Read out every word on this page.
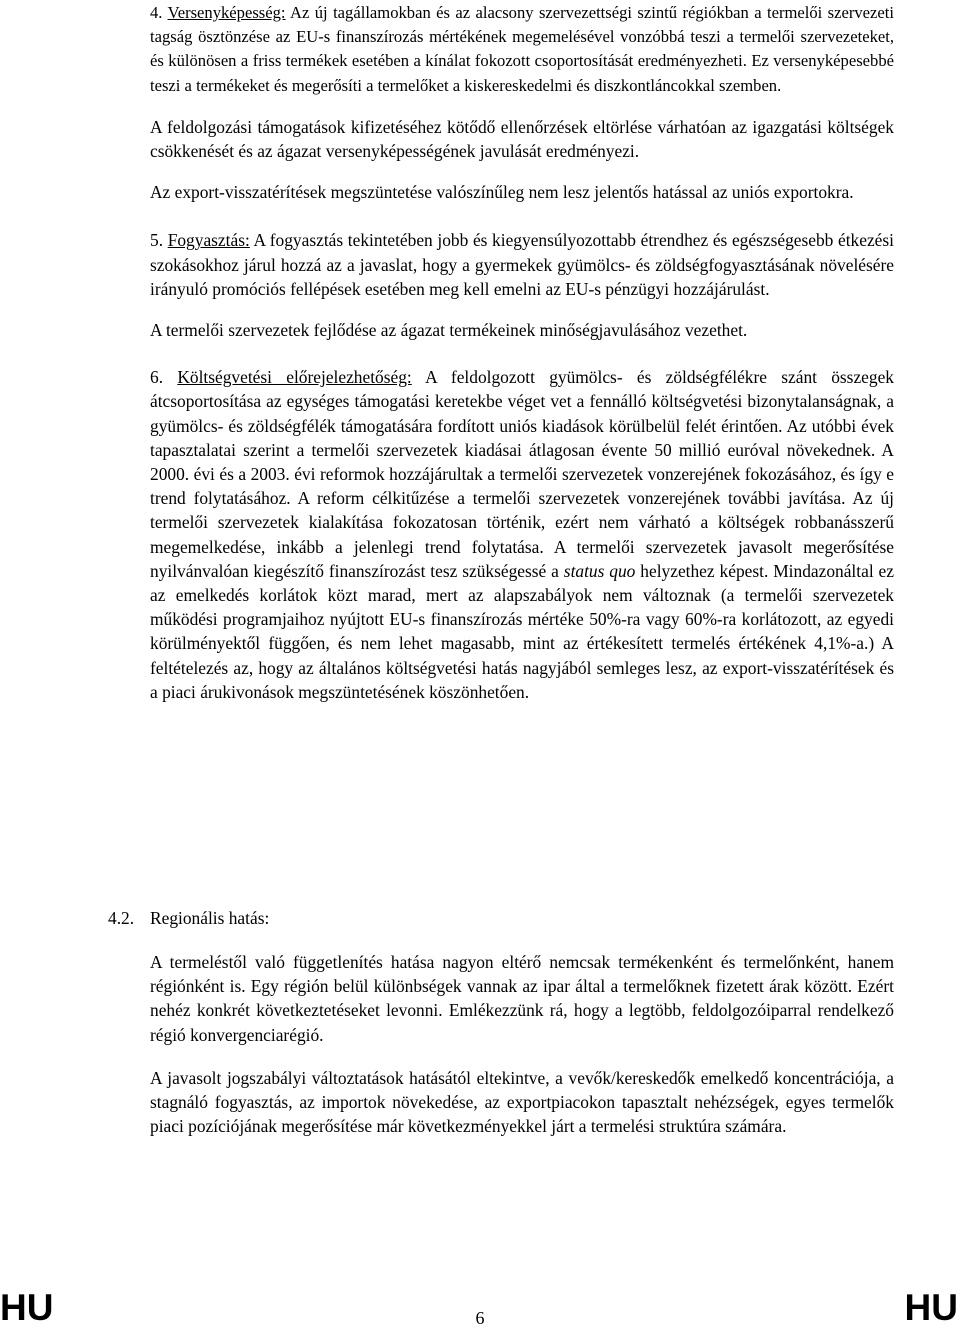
4. Versenyképesség: Az új tagállamokban és az alacsony szervezettségi szintű régiókban a termelői szervezeti tagság ösztönzése az EU-s finanszírozás mértékének megemelésével vonzóbbá teszi a termelői szervezeteket, és különösen a friss termékek esetében a kínálat fokozott csoportosítását eredményezheti. Ez versenyképesebbé teszi a termékeket és megerősíti a termelőket a kiskereskedelmi és diszkontláncokkal szemben.

A feldolgozási támogatások kifizetéséhez kötődő ellenőrzések eltörlése várhatóan az igazgatási költségek csökkenését és az ágazat versenyképességének javulását eredményezi.

Az export-visszatérítések megszüntetése valószínűleg nem lesz jelentős hatással az uniós exportokra.

5. Fogyasztás: A fogyasztás tekintetében jobb és kiegyensúlyozottabb étrendhez és egészségesebb étkezési szokásokhoz járul hozzá az a javaslat, hogy a gyermekek gyümölcs- és zöldségfogyasztásának növelésére irányuló promóciós fellépések esetében meg kell emelni az EU-s pénzügyi hozzájárulást.

A termelői szervezetek fejlődése az ágazat termékeinek minőségjavulásához vezethet.

6. Költségvetési előrejelezhetőség: A feldolgozott gyümölcs- és zöldségfélékre szánt összegek átcsoportosítása az egységes támogatási keretekbe véget vet a fennálló költségvetési bizonytalanságnak, a gyümölcs- és zöldségfélék támogatására fordított uniós kiadások körülbelül felét érintően. Az utóbbi évek tapasztalatai szerint a termelői szervezetek kiadásai átlagosan évente 50 millió euróval növekednek. A 2000. évi és a 2003. évi reformok hozzájárultak a termelői szervezetek vonzerejének fokozásához, és így e trend folytatásához. A reform célkitűzése a termelői szervezetek vonzerejének további javítása. Az új termelői szervezetek kialakítása fokozatosan történik, ezért nem várható a költségek robbanásszerű megemelkedése, inkább a jelenlegi trend folytatása. A termelői szervezetek javasolt megerősítése nyilvánvalóan kiegészítő finanszírozást tesz szükségessé a status quo helyzethez képest. Mindazonáltal ez az emelkedés korlátok közt marad, mert az alapszabályok nem változnak (a termelői szervezetek működési programjaihoz nyújtott EU-s finanszírozás mértéke 50%-ra vagy 60%-ra korlátozott, az egyedi körülményektől függően, és nem lehet magasabb, mint az értékesített termelés értékének 4,1%-a.) A feltételezés az, hogy az általános költségvetési hatás nagyjából semleges lesz, az export-visszatérítések és a piaci árukivonások megszüntetésének köszönhetően.

4.2. Regionális hatás:

A termeléstől való függetlenítés hatása nagyon eltérő nemcsak termékenként és termelőnként, hanem régiónként is. Egy régión belül különbségek vannak az ipar által a termelőknek fizetett árak között. Ezért nehéz konkrét következtetéseket levonni. Emlékezzünk rá, hogy a legtöbb, feldolgozóiparral rendelkező régió konvergenciarégió.

A javasolt jogszabályi változtatások hatásától eltekintve, a vevők/kereskedők emelkedő koncentrációja, a stagnáló fogyasztás, az importok növekedése, az exportpiacokon tapasztalt nehézségek, egyes termelők piaci pozíciójának megerősítése már következményekkel járt a termelési struktúra számára.

HU	6	HU
